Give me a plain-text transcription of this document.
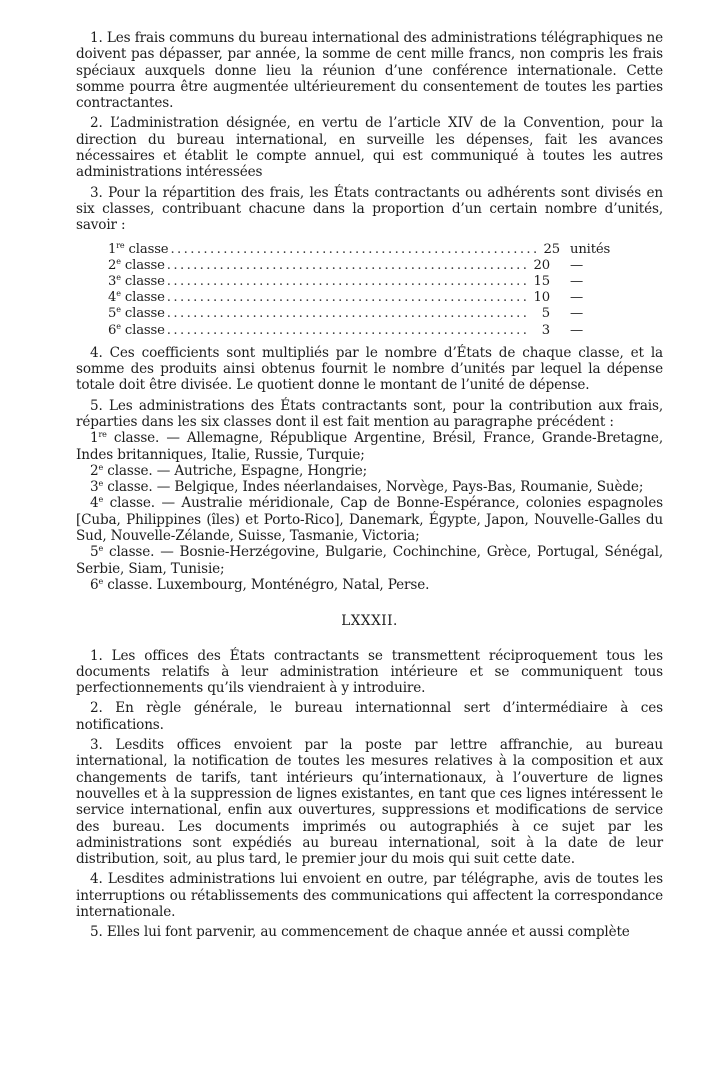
1. Les frais communs du bureau international des administrations télégraphiques ne doivent pas dépasser, par année, la somme de cent mille francs, non compris les frais spéciaux auxquels donne lieu la réunion d’une conférence internationale. Cette somme pourra être augmentée ultérieurement du consentement de toutes les parties contractantes.

2. L’administration désignée, en vertu de l’article XIV de la Convention, pour la direction du bureau international, en surveille les dépenses, fait les avances nécessaires et établit le compte annuel, qui est communiqué à toutes les autres administrations intéressées

3. Pour la répartition des frais, les États contractants ou adhérents sont divisés en six classes, contribuant chacune dans la proportion d’un certain nombre d’unités, savoir :

1re classe .....	25 unités
2e classe .....	20	—
3e classe .....	15	—
4e classe .....	10	—
5e classe .....	5	—
6e classe .....	3	—

4. Ces coefficients sont multipliés par le nombre d’États de chaque classe, et la somme des produits ainsi obtenus fournit le nombre d’unités par lequel la dépense totale doit être divisée. Le quotient donne le montant de l’unité de dépense.

5. Les administrations des États contractants sont, pour la contribution aux frais, réparties dans les six classes dont il est fait mention au paragraphe précédent :

1re classe. — Allemagne, République Argentine, Brésil, France, Grande-Bretagne, Indes britanniques, Italie, Russie, Turquie;

2e classe. — Autriche, Espagne, Hongrie;

3e classe. — Belgique, Indes néerlandaises, Norvège, Pays-Bas, Roumanie, Suède;

4e classe. — Australie méridionale, Cap de Bonne-Espérance, colonies espagnoles [Cuba, Philippines (îles) et Porto-Rico], Danemark, Égypte, Japon, Nouvelle-Galles du Sud, Nouvelle-Zélande, Suisse, Tasmanie, Victoria;

5e classe. — Bosnie-Herzégovine, Bulgarie, Cochinchine, Grèce, Portugal, Sénégal, Serbie, Siam, Tunisie;

6e classe. Luxembourg, Monténégro, Natal, Perse.

LXXXII.

1. Les offices des États contractants se transmettent réciproquement tous les documents relatifs à leur administration intérieure et se communiquent tous perfectionnements qu’ils viendraient à y introduire.

2. En règle générale, le bureau internationnal sert d’intermédiaire à ces notifications.

3. Lesdits offices envoient par la poste par lettre affranchie, au bureau international, la notification de toutes les mesures relatives à la composition et aux changements de tarifs, tant intérieurs qu’internationaux, à l’ouverture de lignes nouvelles et à la suppression de lignes existantes, en tant que ces lignes intéressent le service international, enfin aux ouvertures, suppressions et modifications de service des bureau. Les documents imprimés ou autographiés à ce sujet par les administrations sont expédiés au bureau international, soit à la date de leur distribution, soit, au plus tard, le premier jour du mois qui suit cette date.

4. Lesdites administrations lui envoient en outre, par télégraphe, avis de toutes les interruptions ou rétablissements des communications qui affectent la correspondance internationale.

5. Elles lui font parvenir, au commencement de chaque année et aussi complète
